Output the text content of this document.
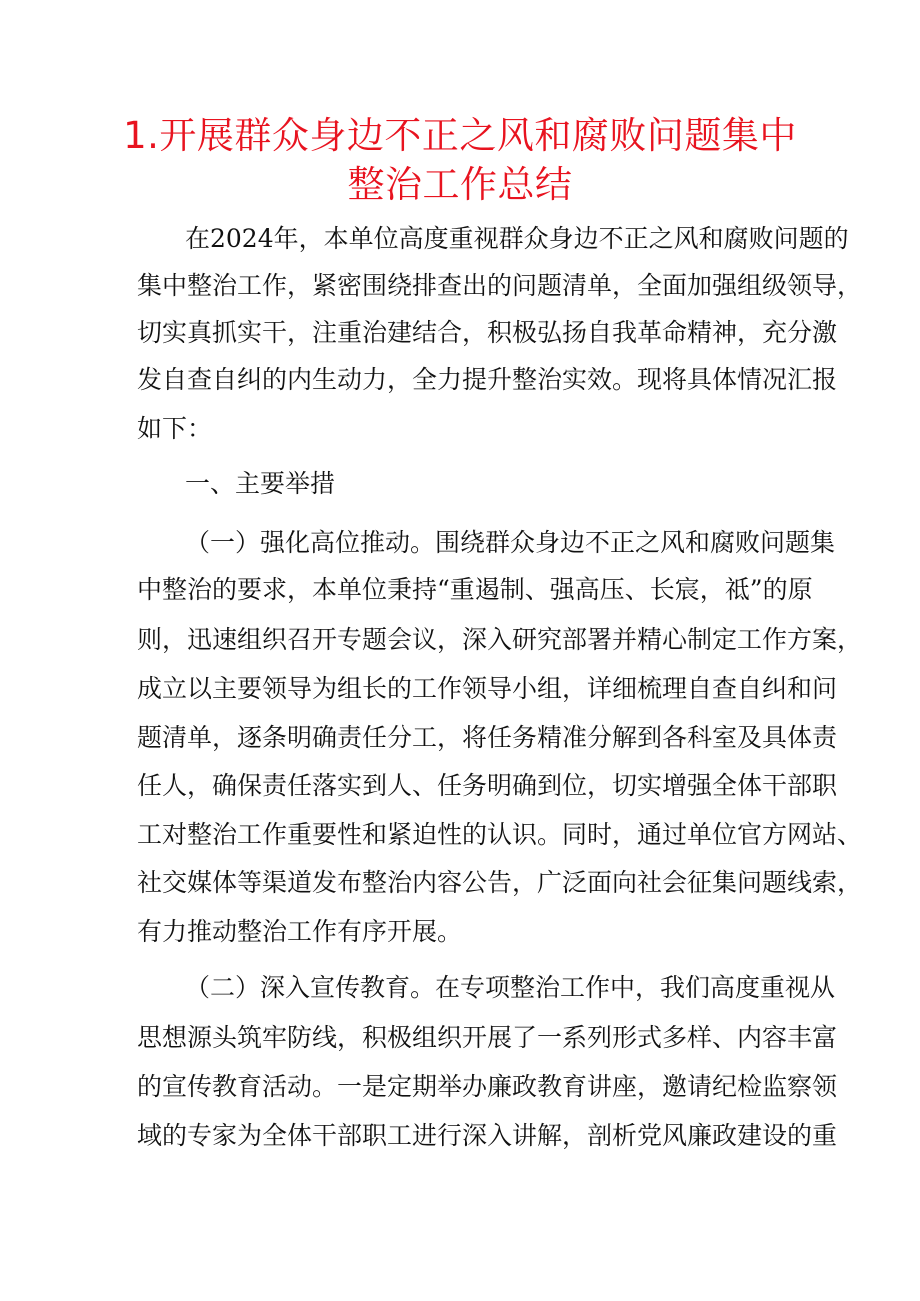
1.开展群众身边不正之风和腐败问题集中
整治工作总结

在2024年，本单位高度重视群众身边不正之风和腐败问题的

集中整治工作，紧密围绕排查出的问题清单，全面加强组级领导，

切实真抓实干，注重治建结合，积极弘扬自我革命精神，充分激

发自查自纠的内生动力，全力提升整治实效。现将具体情况汇报

如下：

一、主要举措

（一）强化高位推动。围绕群众身边不正之风和腐败问题集

中整治的要求，本单位秉持“重遏制、强高压、长宸，祗”的原

则，迅速组织召开专题会议，深入研究部署并精心制定工作方案，

成立以主要领导为组长的工作领导小组，详细梳理自查自纠和问

题清单，逐条明确责任分工，将任务精准分解到各科室及具体责

任人，确保责任落实到人、任务明确到位，切实增强全体干部职

工对整治工作重要性和紧迫性的认识。同时，通过单位官方网站、

社交媒体等渠道发布整治内容公告，广泛面向社会征集问题线索，

有力推动整治工作有序开展。

（二）深入宣传教育。在专项整治工作中，我们高度重视从

思想源头筑牢防线，积极组织开展了一系列形式多样、内容丰富

的宣传教育活动。一是定期举办廉政教育讲座，邀请纪检监察领

域的专家为全体干部职工进行深入讲解，剖析党风廉政建设的重
